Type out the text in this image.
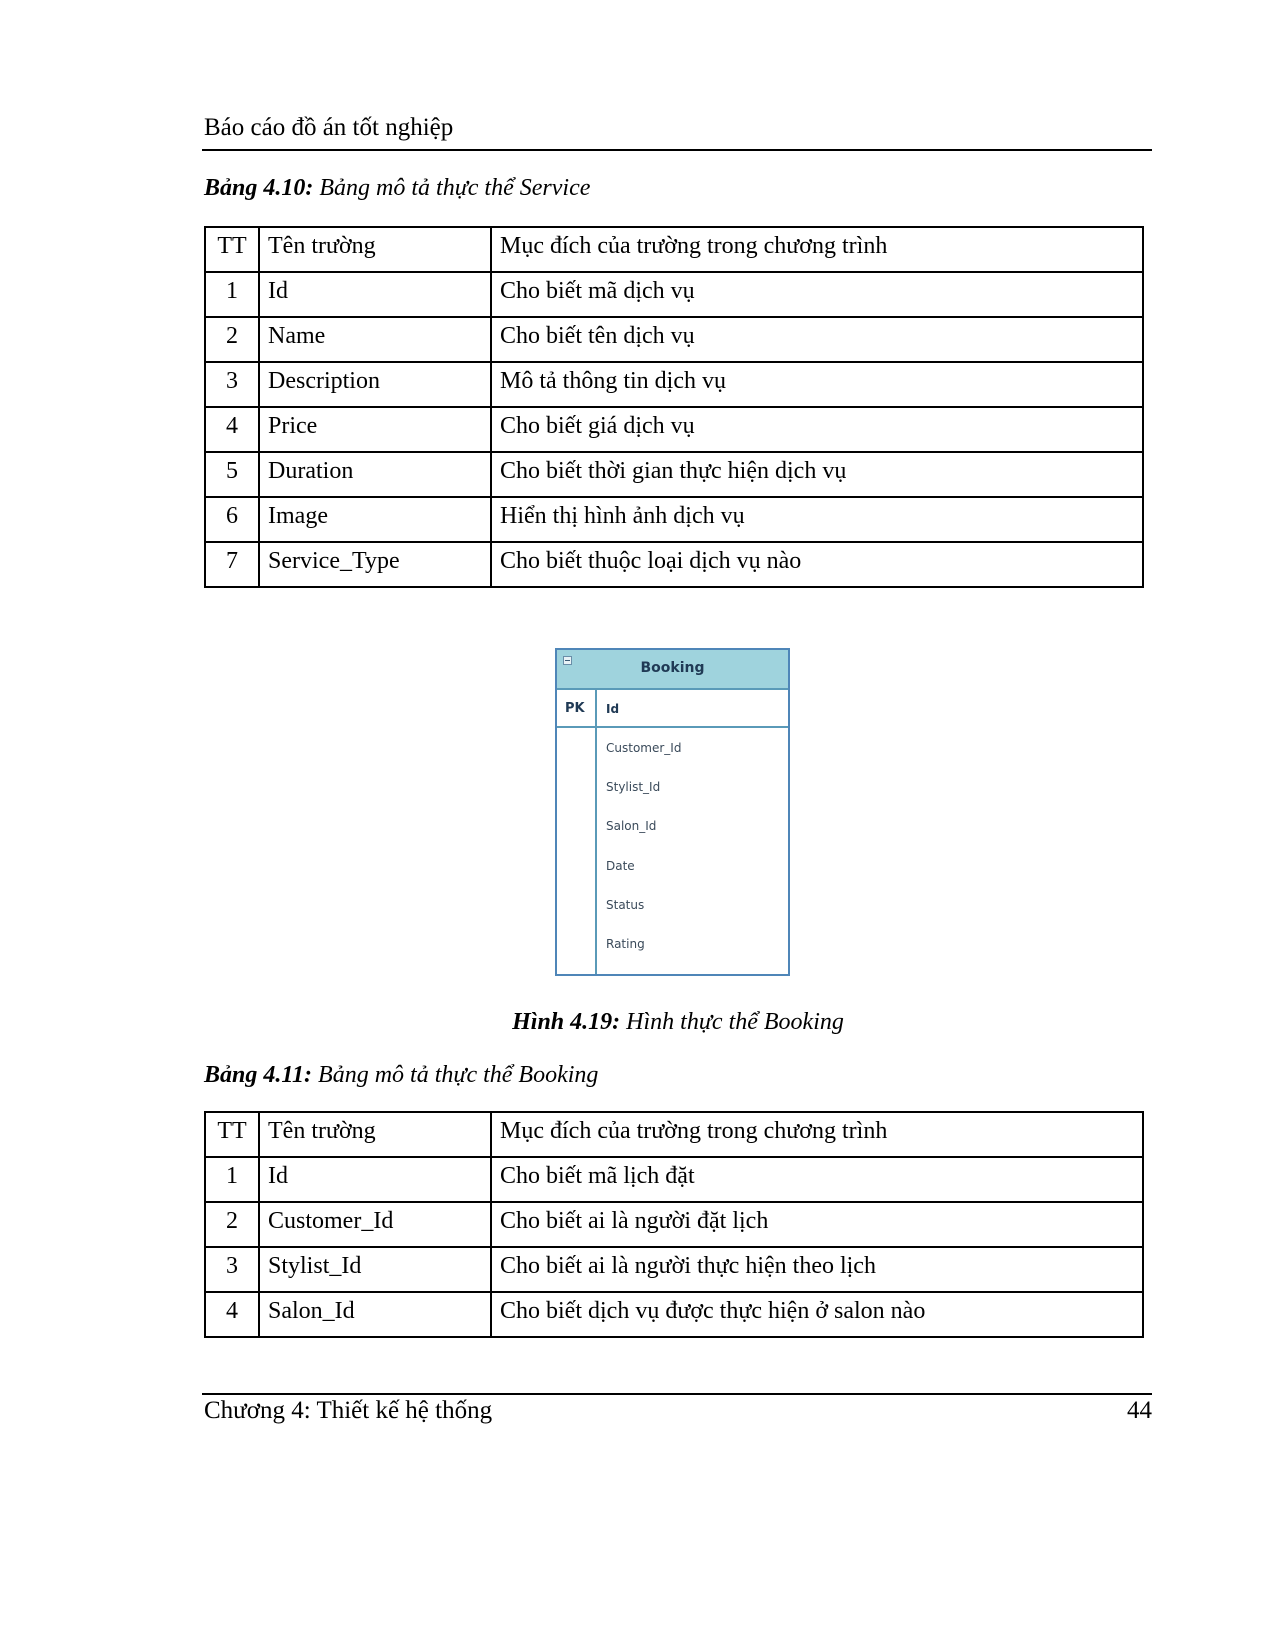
Báo cáo đồ án tốt nghiệp
Bảng 4.10: Bảng mô tả thực thể Service
TT	Tên trường	Mục đích của trường trong chương trình
1	Id	Cho biết mã dịch vụ
2	Name	Cho biết tên dịch vụ
3	Description	Mô tả thông tin dịch vụ
4	Price	Cho biết giá dịch vụ
5	Duration	Cho biết thời gian thực hiện dịch vụ
6	Image	Hiển thị hình ảnh dịch vụ
7	Service_Type	Cho biết thuộc loại dịch vụ nào
Booking
PK Id
Customer_Id
Stylist_Id
Salon_Id
Date
Status
Rating
Hình 4.19: Hình thực thể Booking
Bảng 4.11: Bảng mô tả thực thể Booking
TT	Tên trường	Mục đích của trường trong chương trình
1	Id	Cho biết mã lịch đặt
2	Customer_Id	Cho biết ai là người đặt lịch
3	Stylist_Id	Cho biết ai là người thực hiện theo lịch
4	Salon_Id	Cho biết dịch vụ được thực hiện ở salon nào
Chương 4: Thiết kế hệ thống	44
